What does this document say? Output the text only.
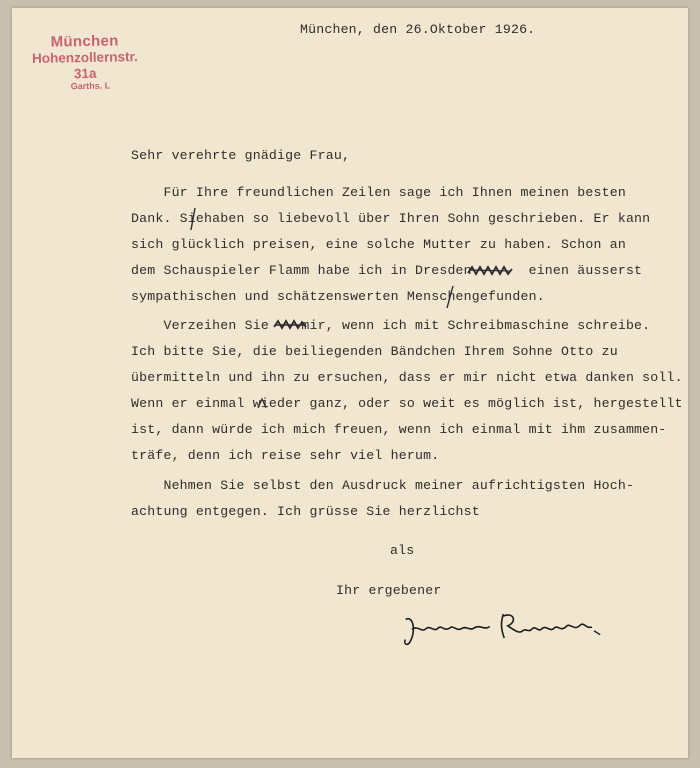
München
Hohenzollernstr. 31a
Garths. L
München, den 26.Oktober 1926.
Sehr verehrte gnädige Frau,
Für Ihre freundlichen Zeilen sage ich Ihnen meinen besten
Dank. Siehaben so liebevoll über Ihren Sohn geschrieben. Er kann
sich glücklich preisen, eine solche Mutter zu haben. Schon an
dem Schauspieler Flamm habe ich in Dresden       einen äusserst
sympathischen und schätzenswerten Menschengefunden.
Verzeihen Sie    mir, wenn ich mit Schreibmaschine schreibe.
Ich bitte Sie, die beiliegenden Bändchen Ihrem Sohne Otto zu
übermitteln und ihn zu ersuchen, dass er mir nicht etwa danken soll.
Wenn er einmal wieder ganz, oder so weit es möglich ist, hergestellt
ist, dann würde ich mich freuen, wenn ich einmal mit ihm zusammen-
träfe, denn ich reise sehr viel herum.
Nehmen Sie selbst den Ausdruck meiner aufrichtigsten Hoch-
achtung entgegen. Ich grüsse Sie herzlichst
als
Ihr ergebener
